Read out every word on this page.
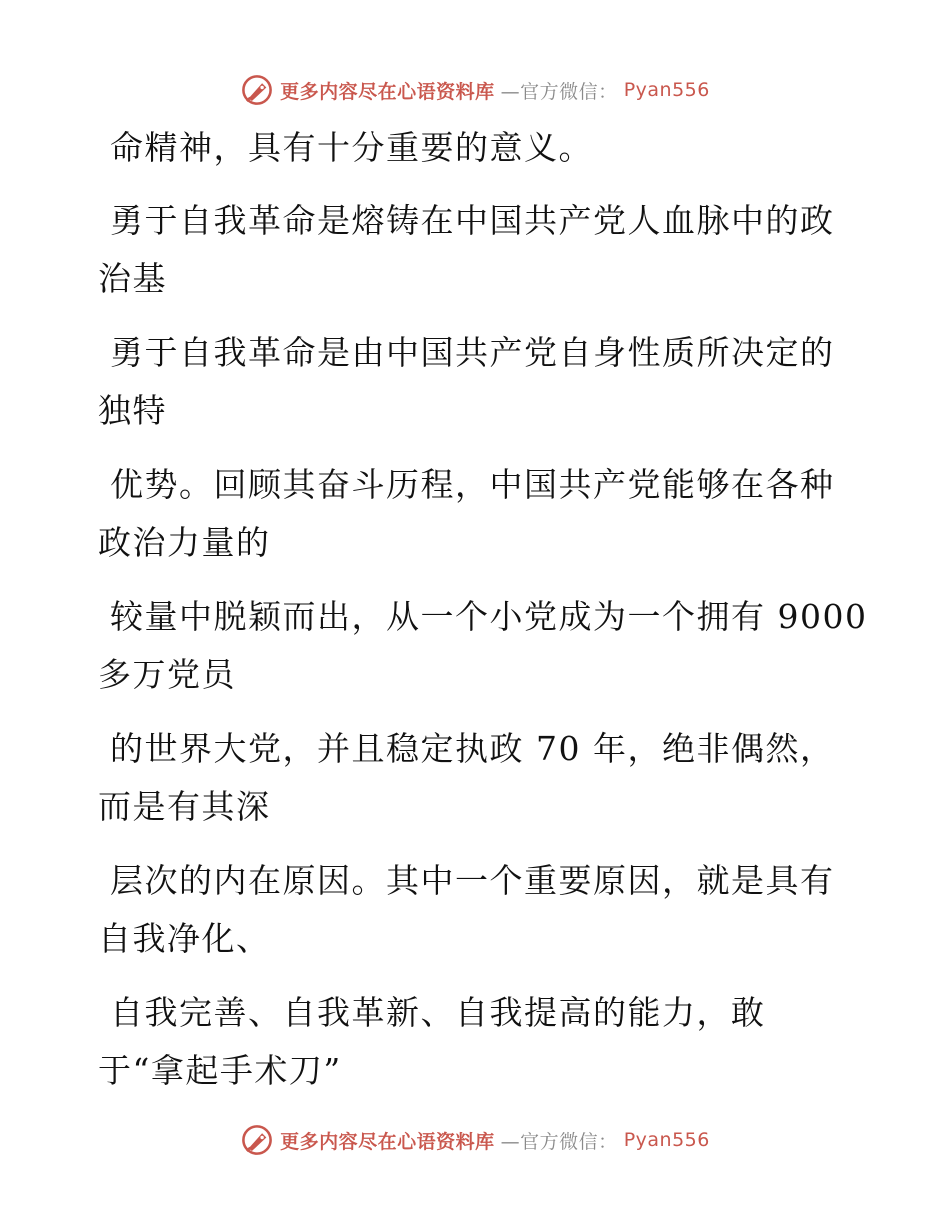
更多内容尽在心语资料库 —官方微信： Pyan556
命精神，具有十分重要的意义。
勇于自我革命是熔铸在中国共产党人血脉中的政
治基
勇于自我革命是由中国共产党自身性质所决定的
独特
优势。回顾其奋斗历程，中国共产党能够在各种
政治力量的
较量中脱颖而出，从一个小党成为一个拥有 9000
多万党员
的世界大党，并且稳定执政 70 年，绝非偶然，
而是有其深
层次的内在原因。其中一个重要原因，就是具有
自我净化、
自我完善、自我革新、自我提高的能力，敢
于“拿起手术刀”
更多内容尽在心语资料库 —官方微信： Pyan556
